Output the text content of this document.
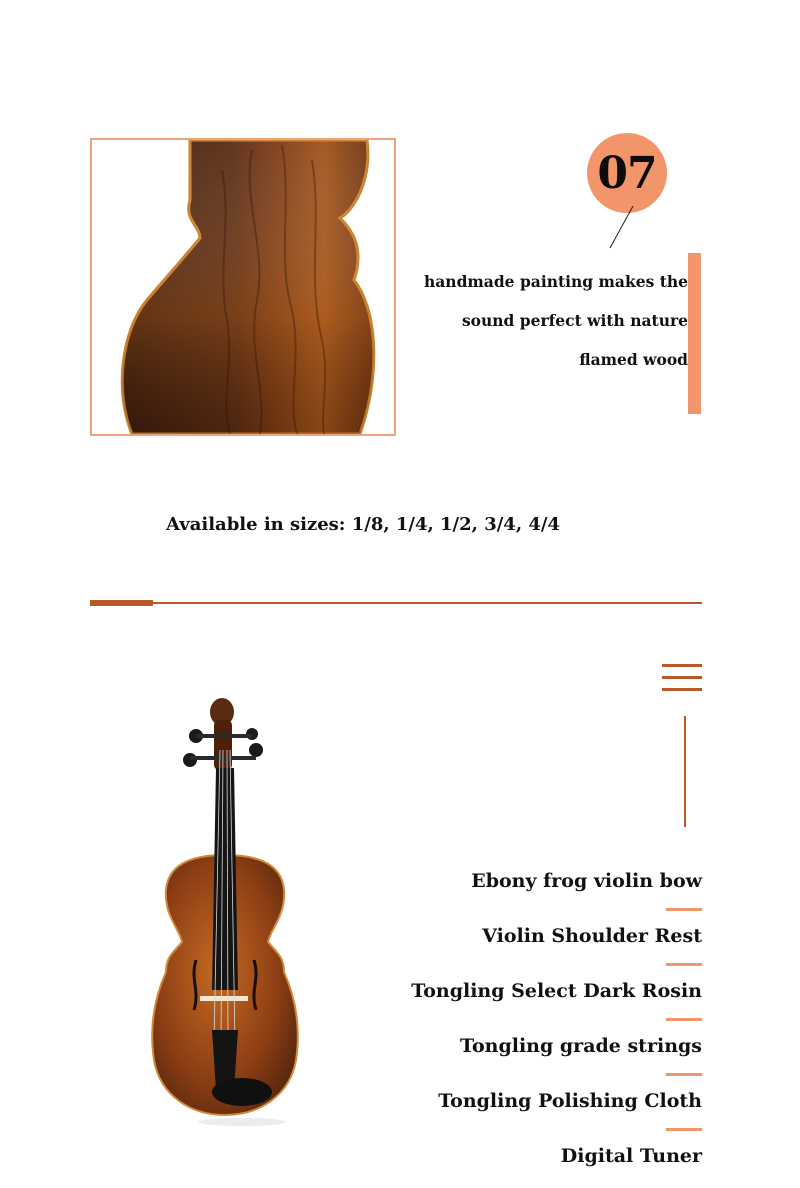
07
handmade painting makes the
sound perfect with nature
flamed wood
Available in sizes: 1/8, 1/4, 1/2, 3/4, 4/4
Ebony frog violin bow
Violin Shoulder Rest
Tongling Select Dark Rosin
Tongling grade strings
Tongling Polishing Cloth
Digital Tuner
